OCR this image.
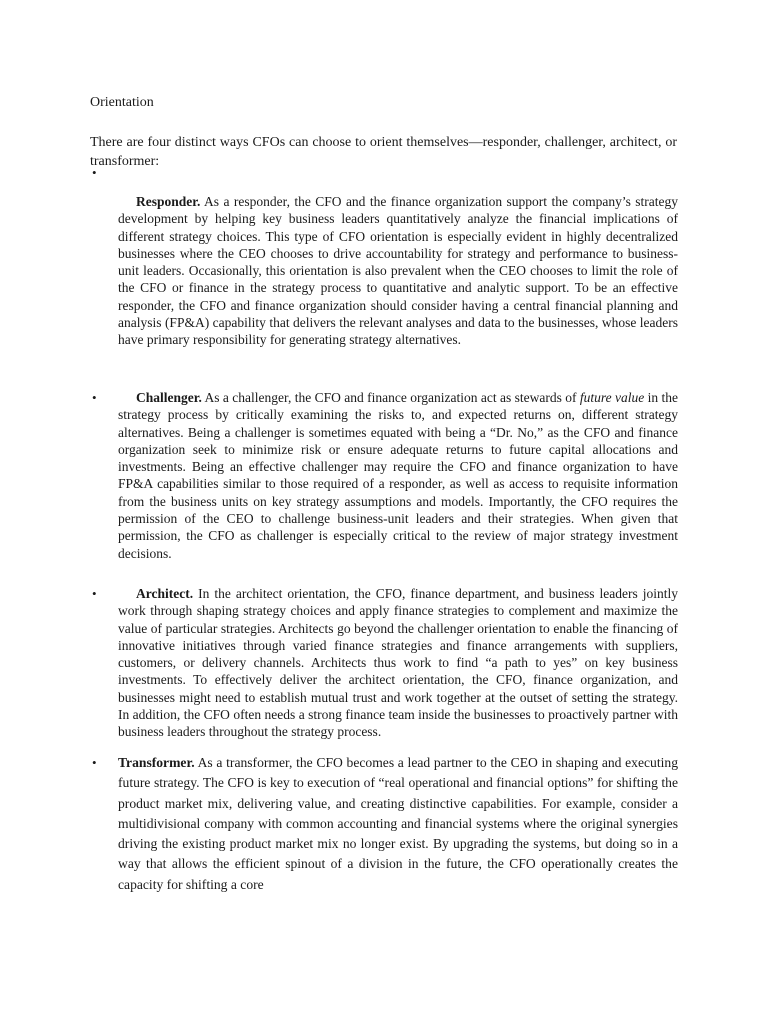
Orientation

There are four distinct ways CFOs can choose to orient themselves—responder, challenger, architect, or transformer:

•

Responder. As a responder, the CFO and the finance organization support the company’s strategy development by helping key business leaders quantitatively analyze the financial implications of different strategy choices. This type of CFO orientation is especially evident in highly decentralized businesses where the CEO chooses to drive accountability for strategy and performance to business-unit leaders. Occasionally, this orientation is also prevalent when the CEO chooses to limit the role of the CFO or finance in the strategy process to quantitative and analytic support. To be an effective responder, the CFO and finance organization should consider having a central financial planning and analysis (FP&A) capability that delivers the relevant analyses and data to the businesses, whose leaders have primary responsibility for generating strategy alternatives.

•	Challenger. As a challenger, the CFO and finance organization act as stewards of future value in the strategy process by critically examining the risks to, and expected returns on, different strategy alternatives. Being a challenger is sometimes equated with being a “Dr. No,” as the CFO and finance organization seek to minimize risk or ensure adequate returns to future capital allocations and investments. Being an effective challenger may require the CFO and finance organization to have FP&A capabilities similar to those required of a responder, as well as access to requisite information from the business units on key strategy assumptions and models. Importantly, the CFO requires the permission of the CEO to challenge business-unit leaders and their strategies. When given that permission, the CFO as challenger is especially critical to the review of major strategy investment decisions.

•	Architect. In the architect orientation, the CFO, finance department, and business leaders jointly work through shaping strategy choices and apply finance strategies to complement and maximize the value of particular strategies. Architects go beyond the challenger orientation to enable the financing of innovative initiatives through varied finance strategies and finance arrangements with suppliers, customers, or delivery channels. Architects thus work to find “a path to yes” on key business investments. To effectively deliver the architect orientation, the CFO, finance organization, and businesses might need to establish mutual trust and work together at the outset of setting the strategy. In addition, the CFO often needs a strong finance team inside the businesses to proactively partner with business leaders throughout the strategy process.

• Transformer. As a transformer, the CFO becomes a lead partner to the CEO in shaping and executing future strategy. The CFO is key to execution of “real operational and financial options” for shifting the product market mix, delivering value, and creating distinctive capabilities. For example, consider a multidivisional company with common accounting and financial systems where the original synergies driving the existing product market mix no longer exist. By upgrading the systems, but doing so in a way that allows the efficient spinout of a division in the future, the CFO operationally creates the capacity for shifting a core
